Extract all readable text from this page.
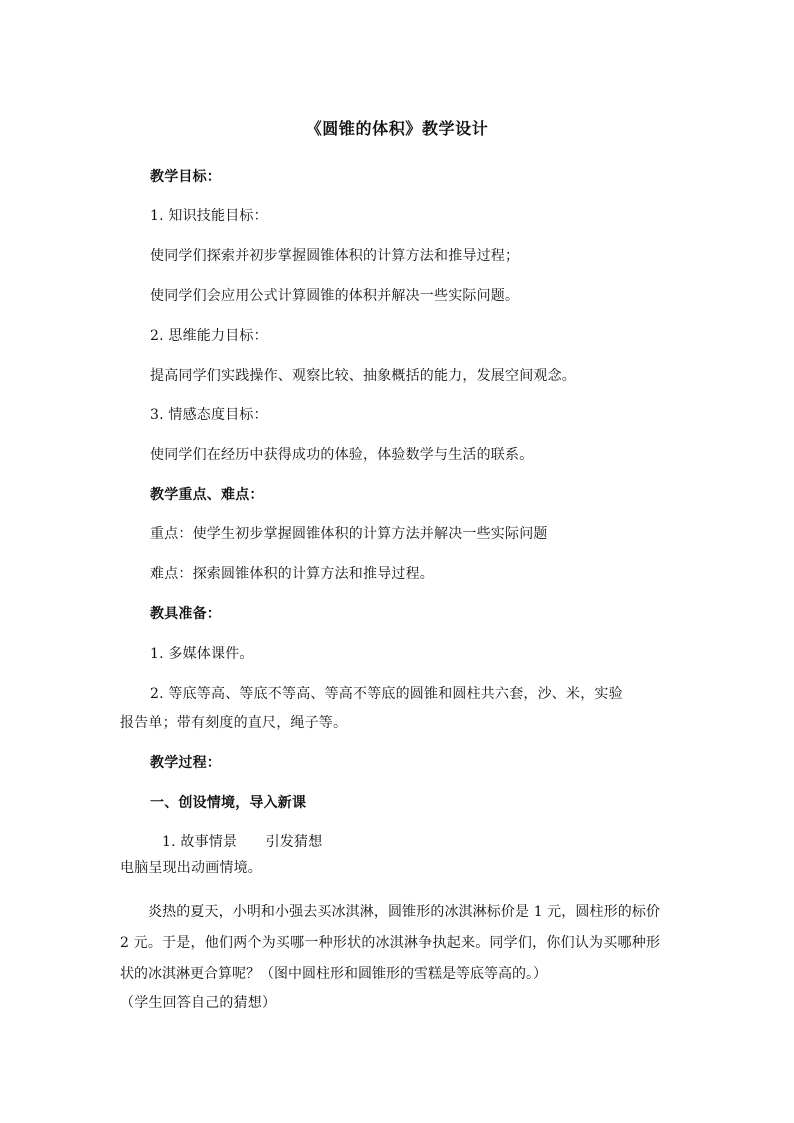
《圆锥的体积》教学设计
教学目标：
1. 知识技能目标：
使同学们探索并初步掌握圆锥体积的计算方法和推导过程；
使同学们会应用公式计算圆锥的体积并解决一些实际问题。
2. 思维能力目标：
提高同学们实践操作、观察比较、抽象概括的能力，发展空间观念。
3. 情感态度目标：
使同学们在经历中获得成功的体验，体验数学与生活的联系。
教学重点、难点：
重点：使学生初步掌握圆锥体积的计算方法并解决一些实际问题
难点：探索圆锥体积的计算方法和推导过程。
教具准备：
1. 多媒体课件。
2. 等底等高、等底不等高、等高不等底的圆锥和圆柱共六套，沙、米，实验
报告单；带有刻度的直尺，绳子等。
教学过程：
一、创设情境，导入新课
1. 故事情景　　引发猜想
电脑呈现出动画情境。
炎热的夏天，小明和小强去买冰淇淋，圆锥形的冰淇淋标价是 1 元，圆柱形的标价 2 元。于是，他们两个为买哪一种形状的冰淇淋争执起来。同学们，你们认为买哪种形状的冰淇淋更合算呢？（图中圆柱形和圆锥形的雪糕是等底等高的。）
（学生回答自己的猜想）
